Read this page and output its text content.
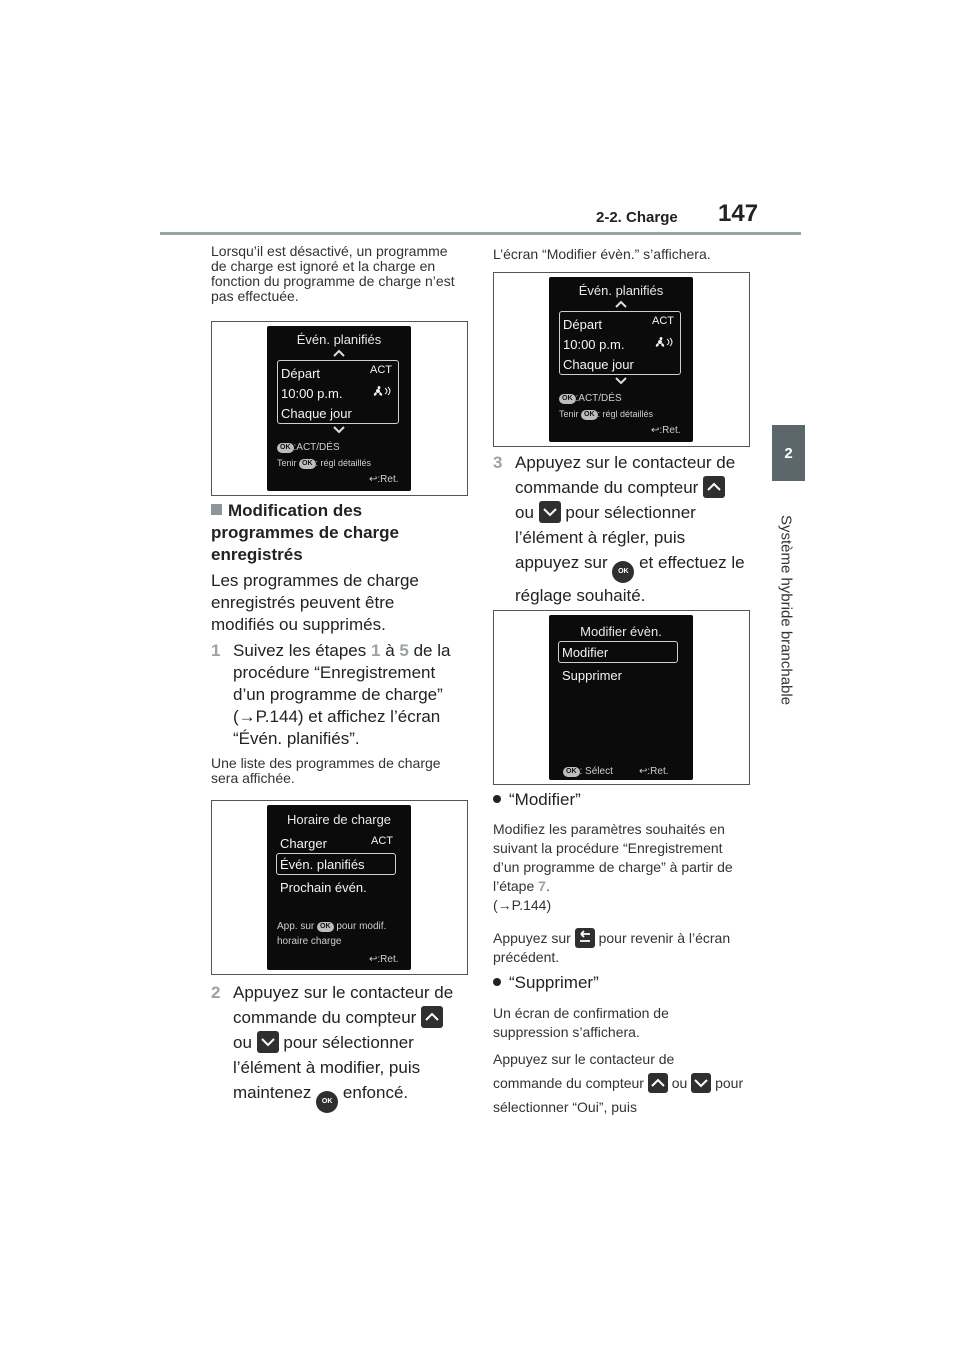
2-2. Charge 147
2
Système hybride branchable
Lorsqu’il est désactivé, un programme de charge est ignoré et la charge en fonction du programme de charge n’est pas effectuée.
Évén. planifiés
Départ	ACT
10:00 p.m.
Chaque jour
OK :ACT/DÉS
Tenir OK : régl détaillés
↩:Ret.
Modification des programmes de charge enregistrés
Les programmes de charge enregistrés peuvent être modifiés ou supprimés.
1 Suivez les étapes 1 à 5 de la procédure “Enregistrement d’un programme de charge” (→P.144) et affichez l’écran “Évén. planifiés”.
Une liste des programmes de charge sera affichée.
Horaire de charge
Charger	ACT
Évén. planifiés
Prochain évén.
App. sur OK pour modif.
horaire charge
↩:Ret.
2 Appuyez sur le contacteur de commande du compteur  ou pour sélectionner l’élément à modifier, puis maintenez OK enfoncé.
L’écran “Modifier évèn.” s’affichera.
Évén. planifiés
Départ	ACT
10:00 p.m.
Chaque jour
OK :ACT/DÉS
Tenir OK : régl détaillés
↩:Ret.
3 Appuyez sur le contacteur de commande du compteur  ou pour sélectionner l’élément à régler, puis appuyez sur OK et effectuez le réglage souhaité.
Modifier évèn.
Modifier
Supprimer
OK : Sélect	↩:Ret.
“Modifier”
Modifiez les paramètres souhaités en suivant la procédure “Enregistrement d’un programme de charge” à partir de l’étape 7.
(→P.144)
Appuyez sur pour revenir à l’écran précédent.
“Supprimer”
Un écran de confirmation de suppression s’affichera.
Appuyez sur le contacteur de commande du compteur ou pour sélectionner “Oui”, puis
